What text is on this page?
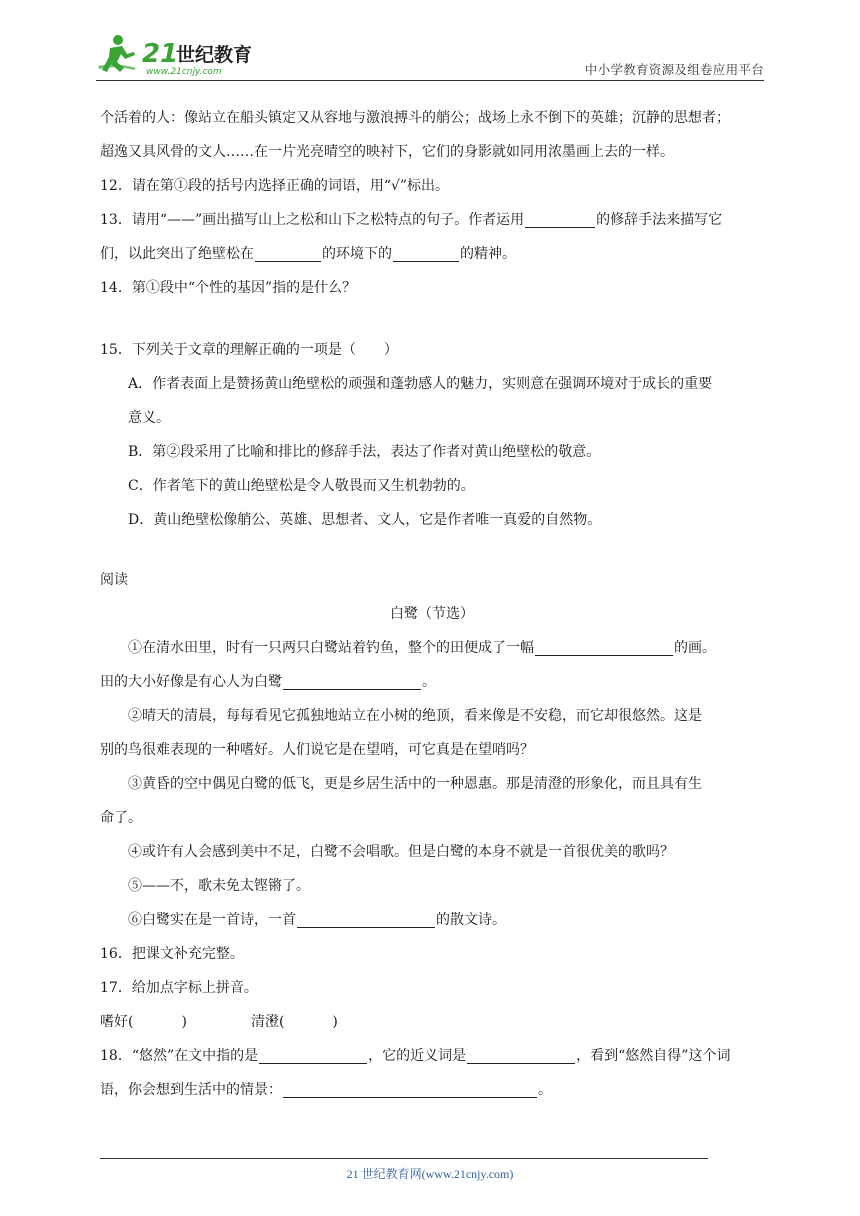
21
世纪教育
www.21cnjy.com	中小学教育资源及组卷应用平台
个活着的人：像站立在船头镇定又从容地与激浪搏斗的艄公；战场上永不倒下的英雄；沉静的思想者；
超逸又具风骨的文人……在一片光亮晴空的映衬下，它们的身影就如同用浓墨画上去的一样。
12．请在第①段的括号内选择正确的词语，用“√”标出。
13．请用“——”画出描写山上之松和山下之松特点的句子。作者运用	的修辞手法来描写它
们，以此突出了绝壁松在	的环境下的	的精神。
14．第①段中“个性的基因”指的是什么？
15．下列关于文章的理解正确的一项是（　　）
A．作者表面上是赞扬黄山绝壁松的顽强和蓬勃感人的魅力，实则意在强调环境对于成长的重要
意义。
B．第②段采用了比喻和排比的修辞手法，表达了作者对黄山绝壁松的敬意。
C．作者笔下的黄山绝壁松是令人敬畏而又生机勃勃的。
D．黄山绝壁松像艄公、英雄、思想者、文人，它是作者唯一真爱的自然物。
阅读
白鹭（节选）
①在清水田里，时有一只两只白鹭站着钓鱼，整个的田便成了一幅	的画。
田的大小好像是有心人为白鹭	。
②晴天的清晨，每每看见它孤独地站立在小树的绝顶，看来像是不安稳，而它却很悠然。这是
别的鸟很难表现的一种嗜好。人们说它是在望哨，可它真是在望哨吗？
③黄昏的空中偶见白鹭的低飞，更是乡居生活中的一种恩惠。那是清澄的形象化，而且具有生
命了。
④或许有人会感到美中不足，白鹭不会唱歌。但是白鹭的本身不就是一首很优美的歌吗？
⑤——不，歌未免太铿锵了。
⑥白鹭实在是一首诗，一首	的散文诗。
16．把课文补充完整。
17．给加点字标上拼音。
嗜 •好(	)	清澄 •(	)
18．“悠然”在文中指的是	，它的近义词是	，看到“悠然自得”这个词
语，你会想到生活中的情景：	。
21 世纪教育网(www.21cnjy.com)
